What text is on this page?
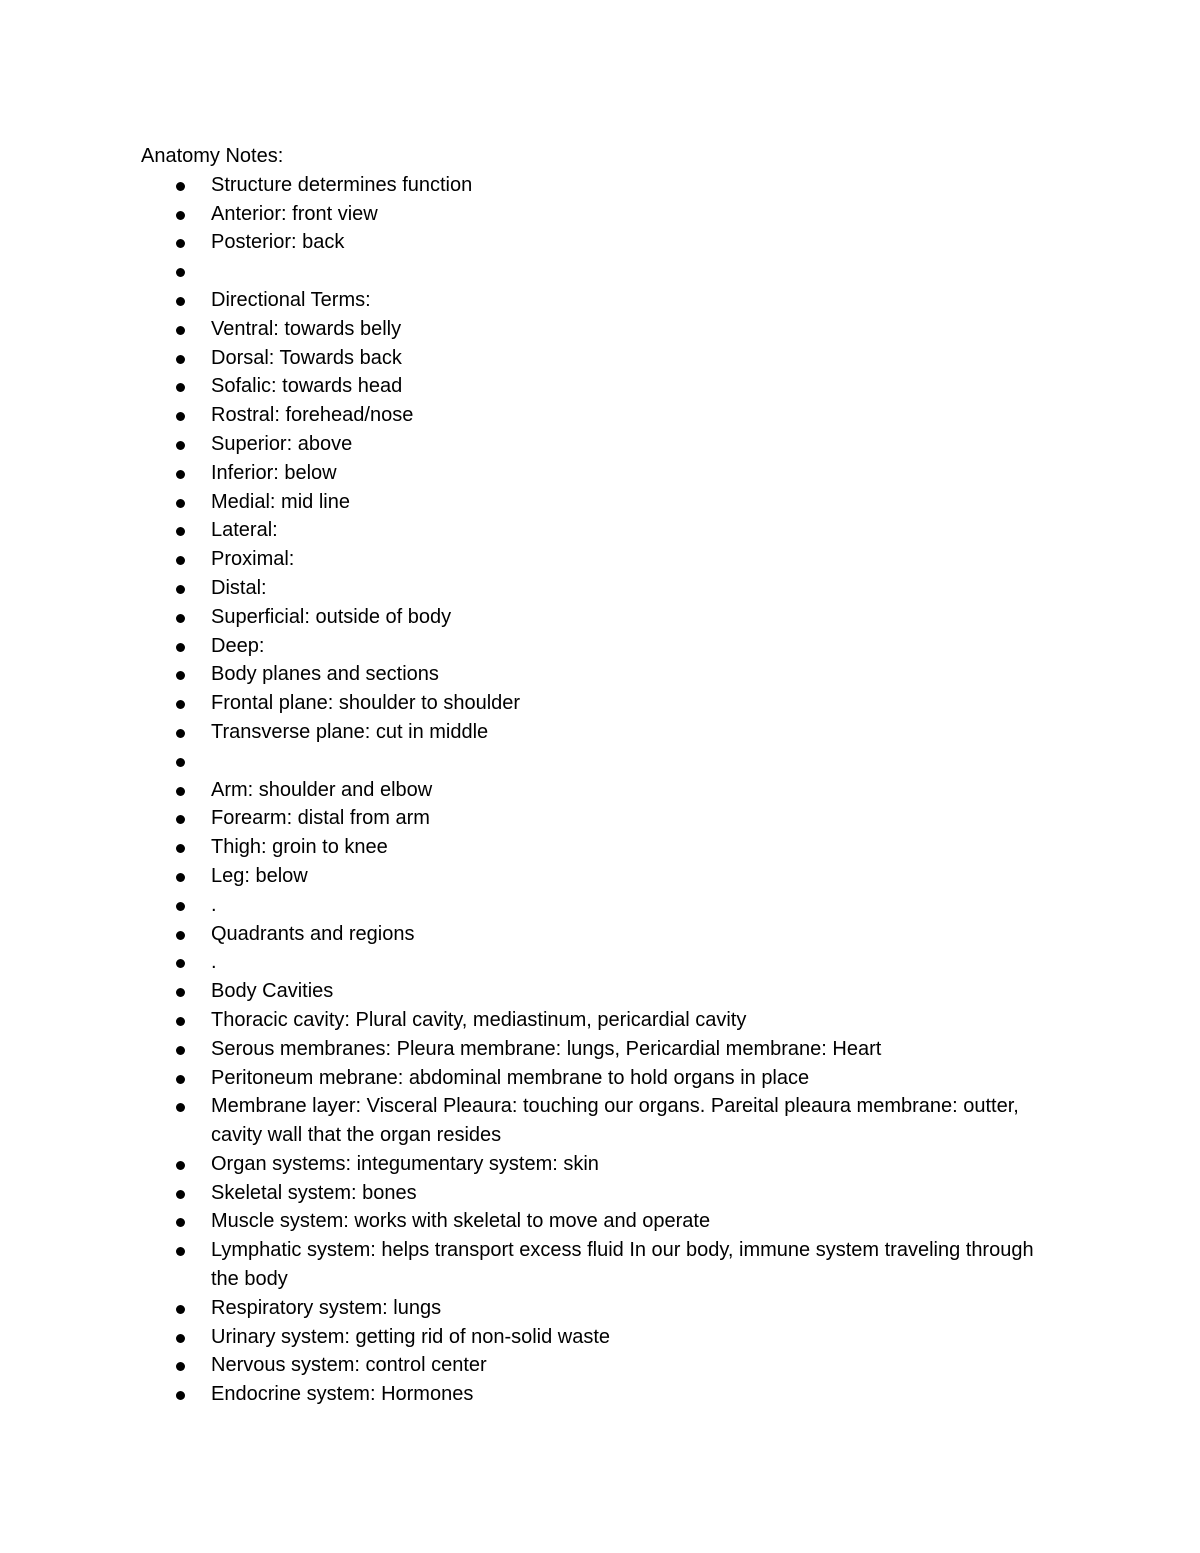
Anatomy Notes:
Structure determines function
Anterior: front view
Posterior: back
Directional Terms:
Ventral: towards belly
Dorsal: Towards back
Sofalic: towards head
Rostral: forehead/nose
Superior: above
Inferior: below
Medial: mid line
Lateral:
Proximal:
Distal:
Superficial: outside of body
Deep:
Body planes and sections
Frontal plane: shoulder to shoulder
Transverse plane: cut in middle
Arm: shoulder and elbow
Forearm: distal from arm
Thigh: groin to knee
Leg: below
.
Quadrants and regions
.
Body Cavities
Thoracic cavity: Plural cavity, mediastinum, pericardial cavity
Serous membranes: Pleura membrane: lungs, Pericardial membrane: Heart
Peritoneum mebrane: abdominal membrane to hold organs in place
Membrane layer: Visceral Pleaura: touching our organs. Pareital pleaura membrane: outter, cavity wall that the organ resides
Organ systems: integumentary system: skin
Skeletal system: bones
Muscle system: works with skeletal to move and operate
Lymphatic system: helps transport excess fluid In our body, immune system traveling through the body
Respiratory system: lungs
Urinary system: getting rid of non-solid waste
Nervous system: control center
Endocrine system: Hormones
